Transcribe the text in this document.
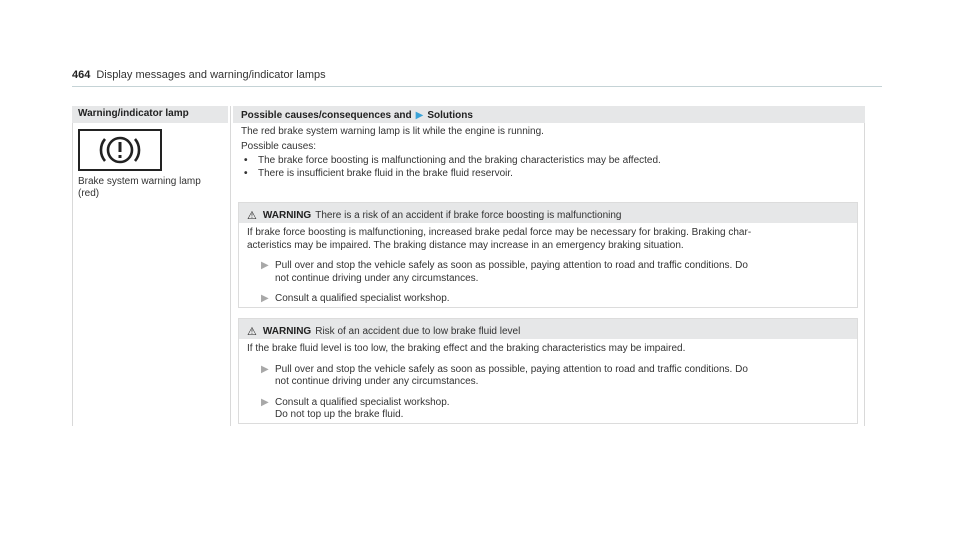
464 Display messages and warning/indicator lamps
Warning/indicator lamp	Possible causes/consequences and ▶ Solutions
Brake system warning lamp
(red)

The red brake system warning lamp is lit while the engine is running.

Possible causes:

•	The brake force boosting is malfunctioning and the braking characteristics may be affected.
•	There is insufficient brake fluid in the brake fluid reservoir.
⚠ WARNING There is a risk of an accident if brake force boosting is malfunctioning
If brake force boosting is malfunctioning, increased brake pedal force may be necessary for braking. Braking char-
acteristics may be impaired. The braking distance may increase in an emergency braking situation.
▶ Pull over and stop the vehicle safely as soon as possible, paying attention to road and traffic conditions. Do
not continue driving under any circumstances.
▶ Consult a qualified specialist workshop.
⚠ WARNING Risk of an accident due to low brake fluid level
If the brake fluid level is too low, the braking effect and the braking characteristics may be impaired.
▶ Pull over and stop the vehicle safely as soon as possible, paying attention to road and traffic conditions. Do
not continue driving under any circumstances.
▶ Consult a qualified specialist workshop.
Do not top up the brake fluid.
